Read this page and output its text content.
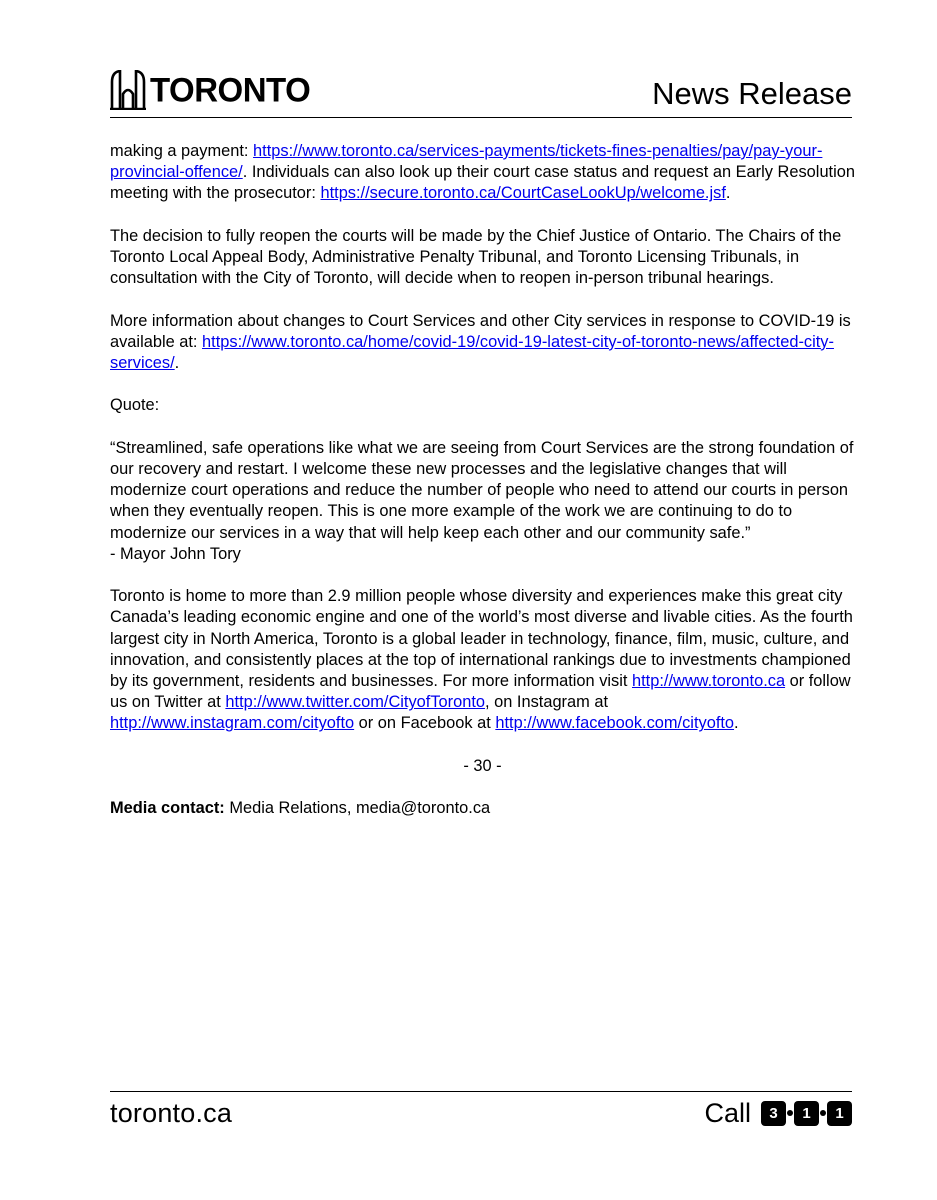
TORONTO	News Release

making a payment: https://www.toronto.ca/services-payments/tickets-fines-penalties/pay/pay-your-provincial-offence/. Individuals can also look up their court case status and request an Early Resolution meeting with the prosecutor: https://secure.toronto.ca/CourtCaseLookUp/welcome.jsf.

The decision to fully reopen the courts will be made by the Chief Justice of Ontario. The Chairs of the Toronto Local Appeal Body, Administrative Penalty Tribunal, and Toronto Licensing Tribunals, in consultation with the City of Toronto, will decide when to reopen in-person tribunal hearings.

More information about changes to Court Services and other City services in response to COVID-19 is available at: https://www.toronto.ca/home/covid-19/covid-19-latest-city-of-toronto-news/affected-city-services/.

Quote:

“Streamlined, safe operations like what we are seeing from Court Services are the strong foundation of our recovery and restart. I welcome these new processes and the legislative changes that will modernize court operations and reduce the number of people who need to attend our courts in person when they eventually reopen. This is one more example of the work we are continuing to do to modernize our services in a way that will help keep each other and our community safe.”
- Mayor John Tory

Toronto is home to more than 2.9 million people whose diversity and experiences make this great city Canada’s leading economic engine and one of the world’s most diverse and livable cities. As the fourth largest city in North America, Toronto is a global leader in technology, finance, film, music, culture, and innovation, and consistently places at the top of international rankings due to investments championed by its government, residents and businesses. For more information visit http://www.toronto.ca or follow us on Twitter at http://www.twitter.com/CityofToronto, on Instagram at http://www.instagram.com/cityofto or on Facebook at http://www.facebook.com/cityofto.

- 30 -

Media contact: Media Relations, media@toronto.ca

toronto.ca	Call	3	1	1
